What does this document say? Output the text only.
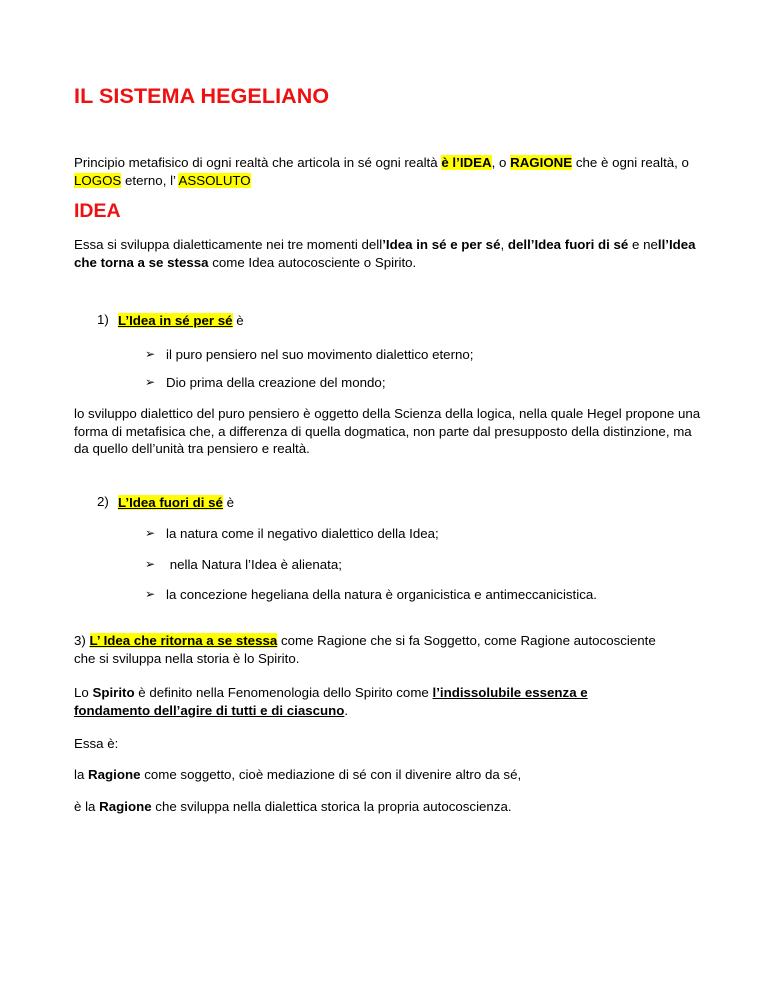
IL SISTEMA HEGELIANO
Principio metafisico di ogni realtà che articola in sé ogni realtà è l’IDEA, o RAGIONE che è ogni realtà, o LOGOS eterno, l’ ASSOLUTO
IDEA
Essa si sviluppa dialetticamente nei tre momenti dell’Idea in sé e per sé, dell’Idea fuori di sé e nell’Idea che torna a se stessa come Idea autocosciente o Spirito.
1) L’Idea in sé per sé è
➢ il puro pensiero nel suo movimento dialettico eterno;
➢ Dio prima della creazione del mondo;
lo sviluppo dialettico del puro pensiero è oggetto della Scienza della logica, nella quale Hegel propone una forma di metafisica che, a differenza di quella dogmatica, non parte dal presupposto della distinzione, ma da quello dell’unità tra pensiero e realtà.
2) L’Idea fuori di sé è
➢ la natura come il negativo dialettico della Idea;
➢ nella Natura l’Idea è alienata;
➢ la concezione hegeliana della natura è organicistica e antimeccanicistica.
3) L’ Idea che ritorna a se stessa come Ragione che si fa Soggetto, come Ragione autocosciente che si sviluppa nella storia è lo Spirito.
Lo Spirito è definito nella Fenomenologia dello Spirito come l’indissolubile essenza e fondamento dell’agire di tutti e di ciascuno.
Essa è:
la Ragione come soggetto, cioè mediazione di sé con il divenire altro da sé,
è la Ragione che sviluppa nella dialettica storica la propria autocoscienza.
